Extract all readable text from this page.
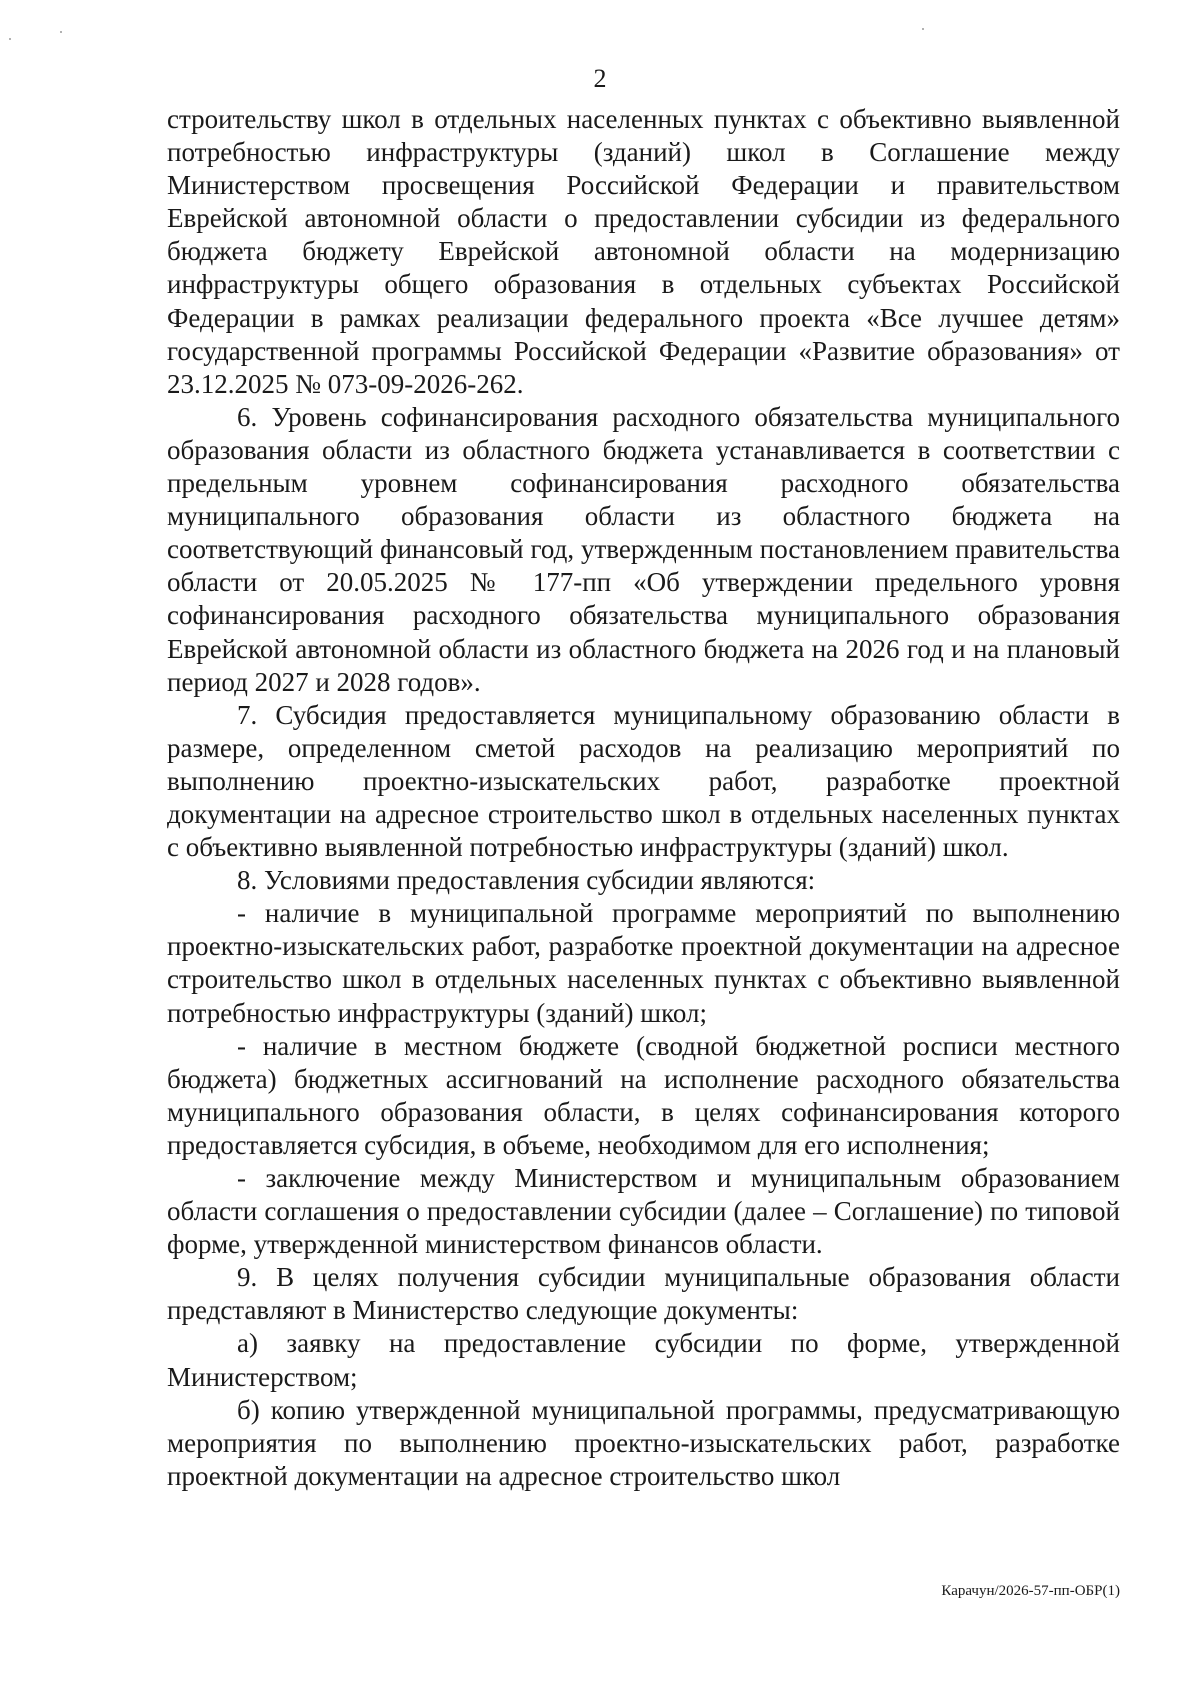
2

строительству школ в отдельных населенных пунктах с объективно выявленной потребностью инфраструктуры (зданий) школ в Соглашение между Министерством просвещения Российской Федерации и правительством Еврейской автономной области о предоставлении субсидии из федерального бюджета бюджету Еврейской автономной области на модернизацию инфраструктуры общего образования в отдельных субъектах Российской Федерации в рамках реализации федерального проекта «Все лучшее детям» государственной программы Российской Федерации «Развитие образования» от 23.12.2025 № 073-09-2026-262.

6. Уровень софинансирования расходного обязательства муниципального образования области из областного бюджета устанавливается в соответствии с предельным уровнем софинансирования расходного обязательства муниципального образования области из областного бюджета на соответствующий финансовый год, утвержденным постановлением правительства области от 20.05.2025 № 177-пп «Об утверждении предельного уровня софинансирования расходного обязательства муниципального образования Еврейской автономной области из областного бюджета на 2026 год и на плановый период 2027 и 2028 годов».

7. Субсидия предоставляется муниципальному образованию области в размере, определенном сметой расходов на реализацию мероприятий по выполнению проектно-изыскательских работ, разработке проектной документации на адресное строительство школ в отдельных населенных пунктах с объективно выявленной потребностью инфраструктуры (зданий) школ.

8. Условиями предоставления субсидии являются:

- наличие в муниципальной программе мероприятий по выполнению проектно-изыскательских работ, разработке проектной документации на адресное строительство школ в отдельных населенных пунктах с объективно выявленной потребностью инфраструктуры (зданий) школ;

- наличие в местном бюджете (сводной бюджетной росписи местного бюджета) бюджетных ассигнований на исполнение расходного обязательства муниципального образования области, в целях софинансирования которого предоставляется субсидия, в объеме, необходимом для его исполнения;

- заключение между Министерством и муниципальным образованием области соглашения о предоставлении субсидии (далее – Соглашение) по типовой форме, утвержденной министерством финансов области.

9. В целях получения субсидии муниципальные образования области представляют в Министерство следующие документы:

а) заявку на предоставление субсидии по форме, утвержденной Министерством;

б) копию утвержденной муниципальной программы, предусматривающую мероприятия по выполнению проектно-изыскательских работ, разработке проектной документации на адресное строительство школ

Карачун/2026-57-пп-ОБР(1)
